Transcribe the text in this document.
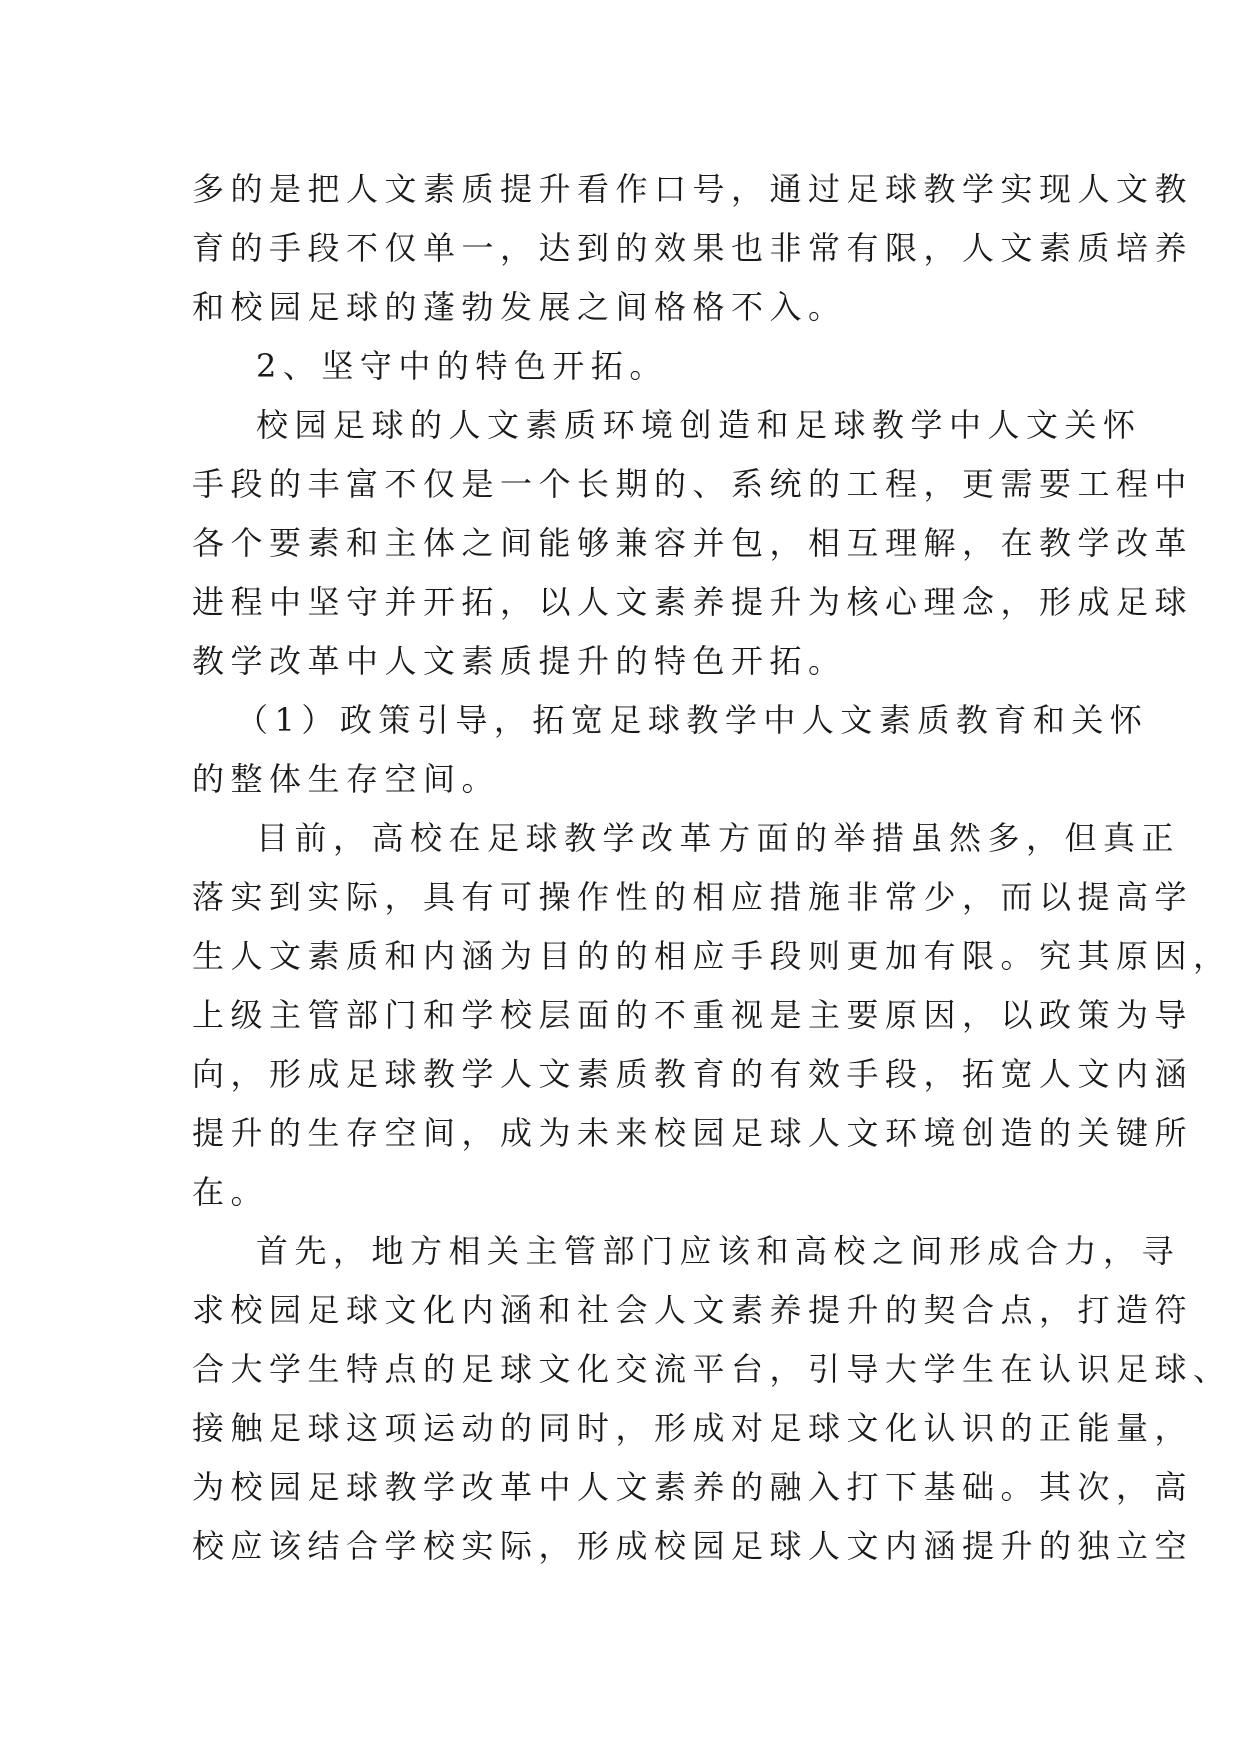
多的是把人文素质提升看作口号，通过足球教学实现人文教
育的手段不仅单一，达到的效果也非常有限，人文素质培养
和校园足球的蓬勃发展之间格格不入。
2、坚守中的特色开拓。
校园足球的人文素质环境创造和足球教学中人文关怀
手段的丰富不仅是一个长期的、系统的工程，更需要工程中
各个要素和主体之间能够兼容并包，相互理解，在教学改革
进程中坚守并开拓，以人文素养提升为核心理念，形成足球
教学改革中人文素质提升的特色开拓。
（1）政策引导，拓宽足球教学中人文素质教育和关怀
的整体生存空间。
目前，高校在足球教学改革方面的举措虽然多，但真正
落实到实际，具有可操作性的相应措施非常少，而以提高学
生人文素质和内涵为目的的相应手段则更加有限。究其原因，
上级主管部门和学校层面的不重视是主要原因，以政策为导
向，形成足球教学人文素质教育的有效手段，拓宽人文内涵
提升的生存空间，成为未来校园足球人文环境创造的关键所
在。
首先，地方相关主管部门应该和高校之间形成合力，寻
求校园足球文化内涵和社会人文素养提升的契合点，打造符
合大学生特点的足球文化交流平台，引导大学生在认识足球、
接触足球这项运动的同时，形成对足球文化认识的正能量，
为校园足球教学改革中人文素养的融入打下基础。其次，高
校应该结合学校实际，形成校园足球人文内涵提升的独立空
